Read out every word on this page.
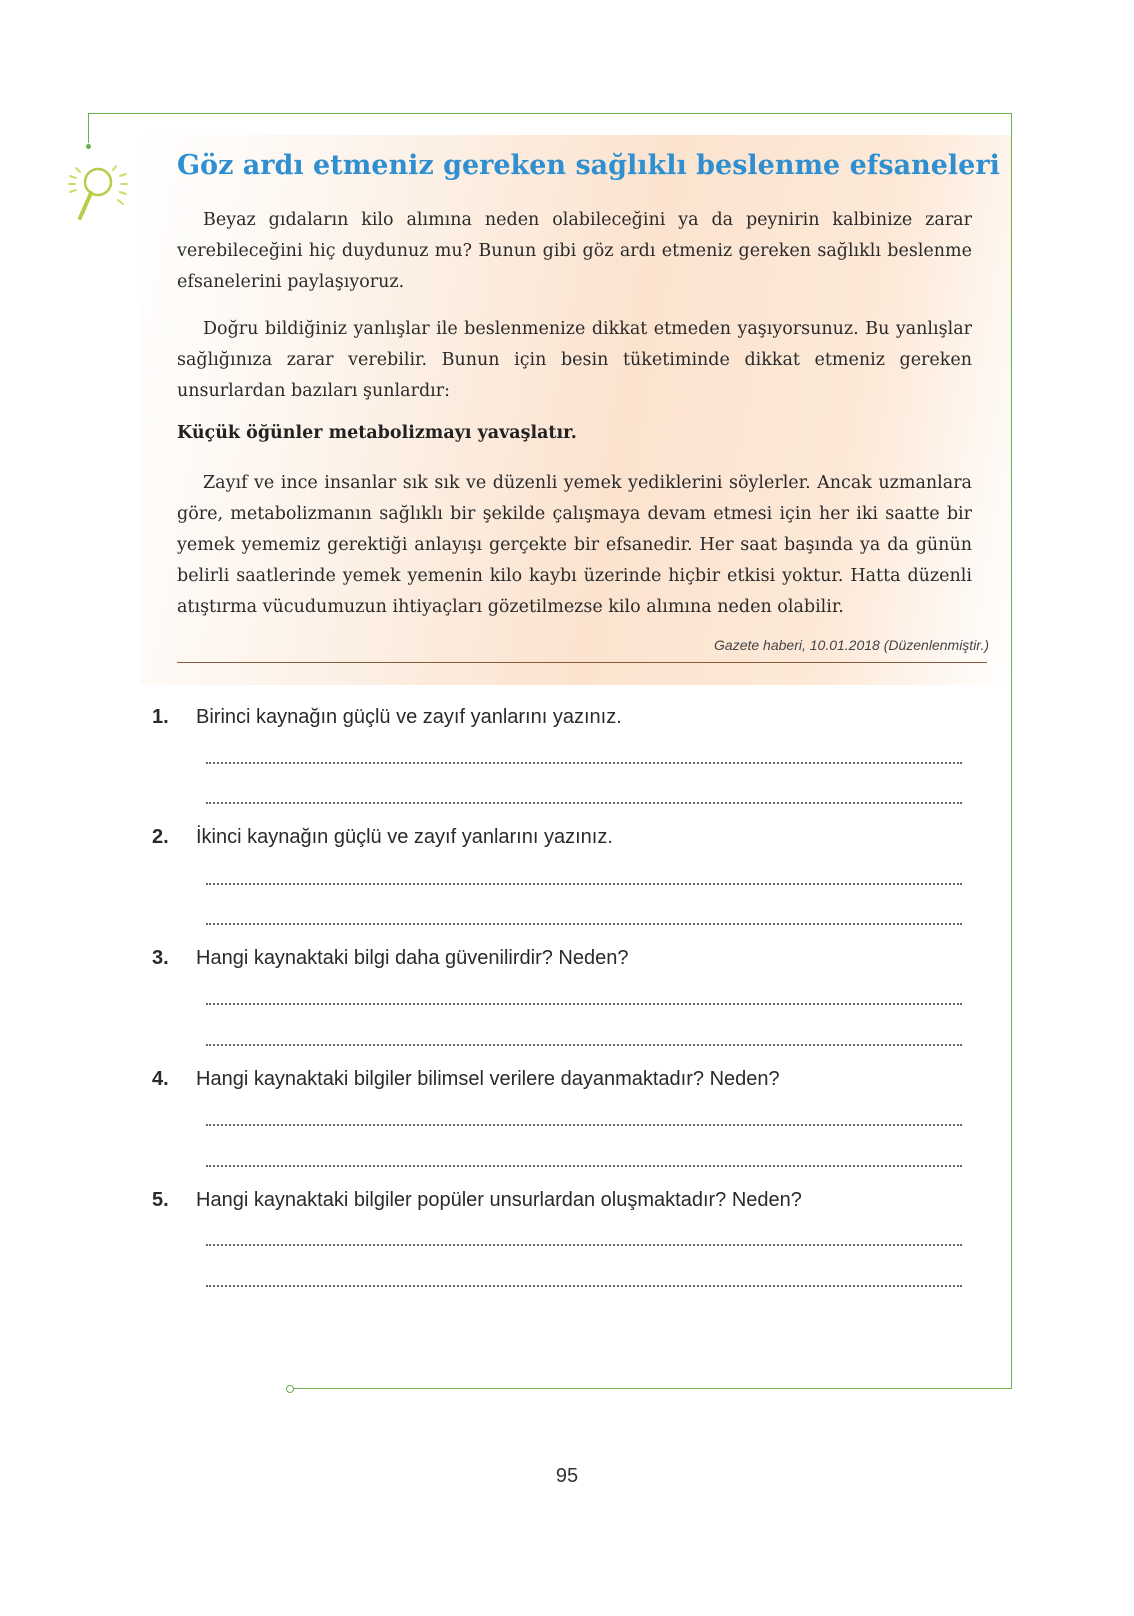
Göz ardı etmeniz gereken sağlıklı beslenme efsaneleri
Beyaz gıdaların kilo alımına neden olabileceğini ya da peynirin kalbinize zarar verebileceğini hiç duydunuz mu? Bunun gibi göz ardı etmeniz gereken sağlıklı beslenme efsanelerini paylaşıyoruz.
Doğru bildiğiniz yanlışlar ile beslenmenize dikkat etmeden yaşıyorsunuz. Bu yanlışlar sağlığınıza zarar verebilir. Bunun için besin tüketiminde dikkat etmeniz gereken unsurlardan bazıları şunlardır:
Küçük öğünler metabolizmayı yavaşlatır.
Zayıf ve ince insanlar sık sık ve düzenli yemek yediklerini söylerler. Ancak uzmanlara göre, metabolizmanın sağlıklı bir şekilde çalışmaya devam etmesi için her iki saatte bir yemek yememiz gerektiği anlayışı gerçekte bir efsanedir. Her saat başında ya da günün belirli saatlerinde yemek yemenin kilo kaybı üzerinde hiçbir etkisi yoktur. Hatta düzenli atıştırma vücudumuzun ihtiyaçları gözetilmezse kilo alımına neden olabilir.
Gazete haberi, 10.01.2018 (Düzenlenmiştir.)
1. Birinci kaynağın güçlü ve zayıf yanlarını yazınız.
2. İkinci kaynağın güçlü ve zayıf yanlarını yazınız.
3. Hangi kaynaktaki bilgi daha güvenilirdir? Neden?
4. Hangi kaynaktaki bilgiler bilimsel verilere dayanmaktadır? Neden?
5. Hangi kaynaktaki bilgiler popüler unsurlardan oluşmaktadır? Neden?
95
